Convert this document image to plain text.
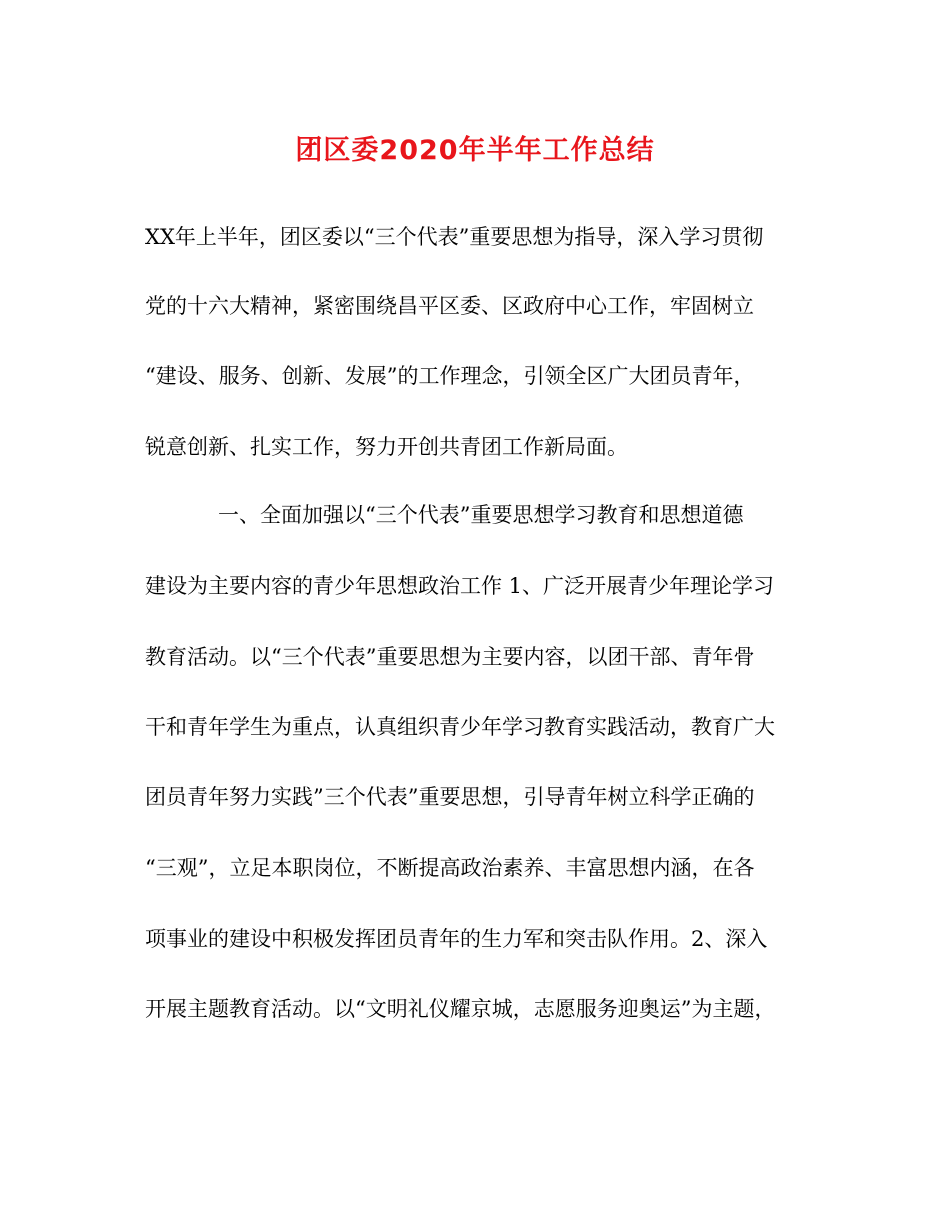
团区委2020年半年工作总结
XX年上半年，团区委以“三个代表”重要思想为指导，深入学习贯彻
党的十六大精神，紧密围绕昌平区委、区政府中心工作，牢固树立
“建设、服务、创新、发展”的工作理念，引领全区广大团员青年，
锐意创新、扎实工作，努力开创共青团工作新局面。
一、全面加强以“三个代表”重要思想学习教育和思想道德
建设为主要内容的青少年思想政治工作 1、广泛开展青少年理论学习
教育活动。以“三个代表”重要思想为主要内容，以团干部、青年骨
干和青年学生为重点，认真组织青少年学习教育实践活动，教育广大
团员青年努力实践”三个代表”重要思想，引导青年树立科学正确的
“三观”，立足本职岗位，不断提高政治素养、丰富思想内涵，在各
项事业的建设中积极发挥团员青年的生力军和突击队作用。2、深入
开展主题教育活动。以“文明礼仪耀京城，志愿服务迎奥运”为主题，
